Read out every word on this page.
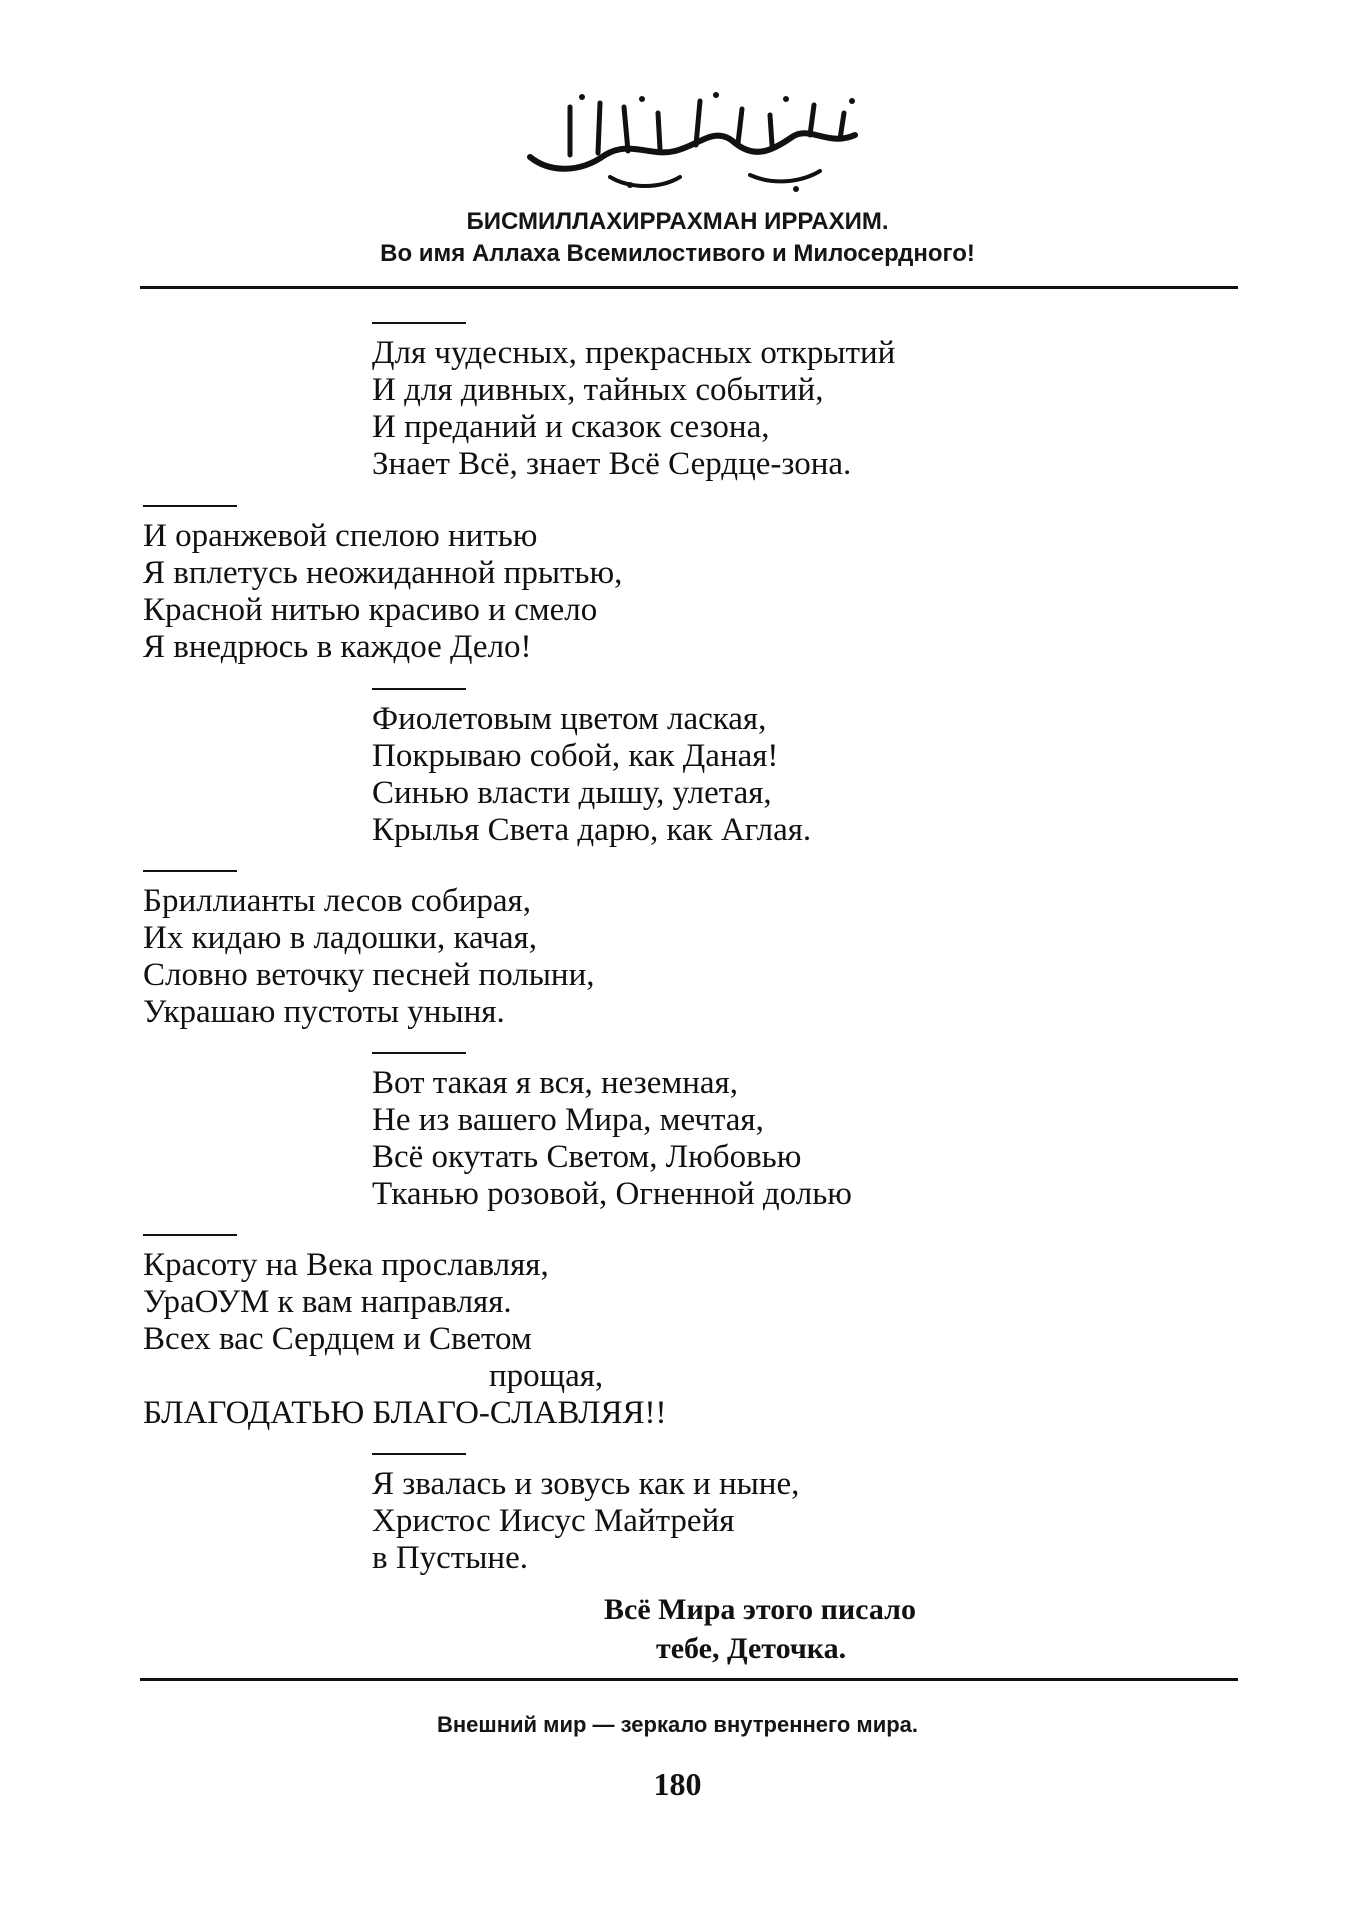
БИСМИЛЛАХИРРАХМАН ИРРАХИМ.
Во имя Аллаха Всемилостивого и Милосердного!
Для чудесных, прекрасных открытий
И для дивных, тайных событий,
И преданий и сказок сезона,
Знает Всё, знает Всё Сердце-зона.
И оранжевой спелою нитью
Я вплетусь неожиданной прытью,
Красной нитью красиво и смело
Я внедрюсь в каждое Дело!
Фиолетовым цветом лаская,
Покрываю собой, как Даная!
Синью власти дышу, улетая,
Крылья Света дарю, как Аглая.
Бриллианты лесов собирая,
Их кидаю в ладошки, качая,
Словно веточку песней полыни,
Украшаю пустоты уныня.
Вот такая я вся, неземная,
Не из вашего Мира, мечтая,
Всё окутать Светом, Любовью
Тканью розовой, Огненной долью
Красоту на Века прославляя,
УраОУМ к вам направляя.
Всех вас Сердцем и Светом
прощая,
БЛАГОДАТЬЮ БЛАГО-СЛАВЛЯЯ!!
Я звалась и зовусь как и ныне,
Христос Иисус Майтрейя
в Пустыне.
Всё Мира этого писало
тебе, Деточка.
Внешний мир — зеркало внутреннего мира.
180
